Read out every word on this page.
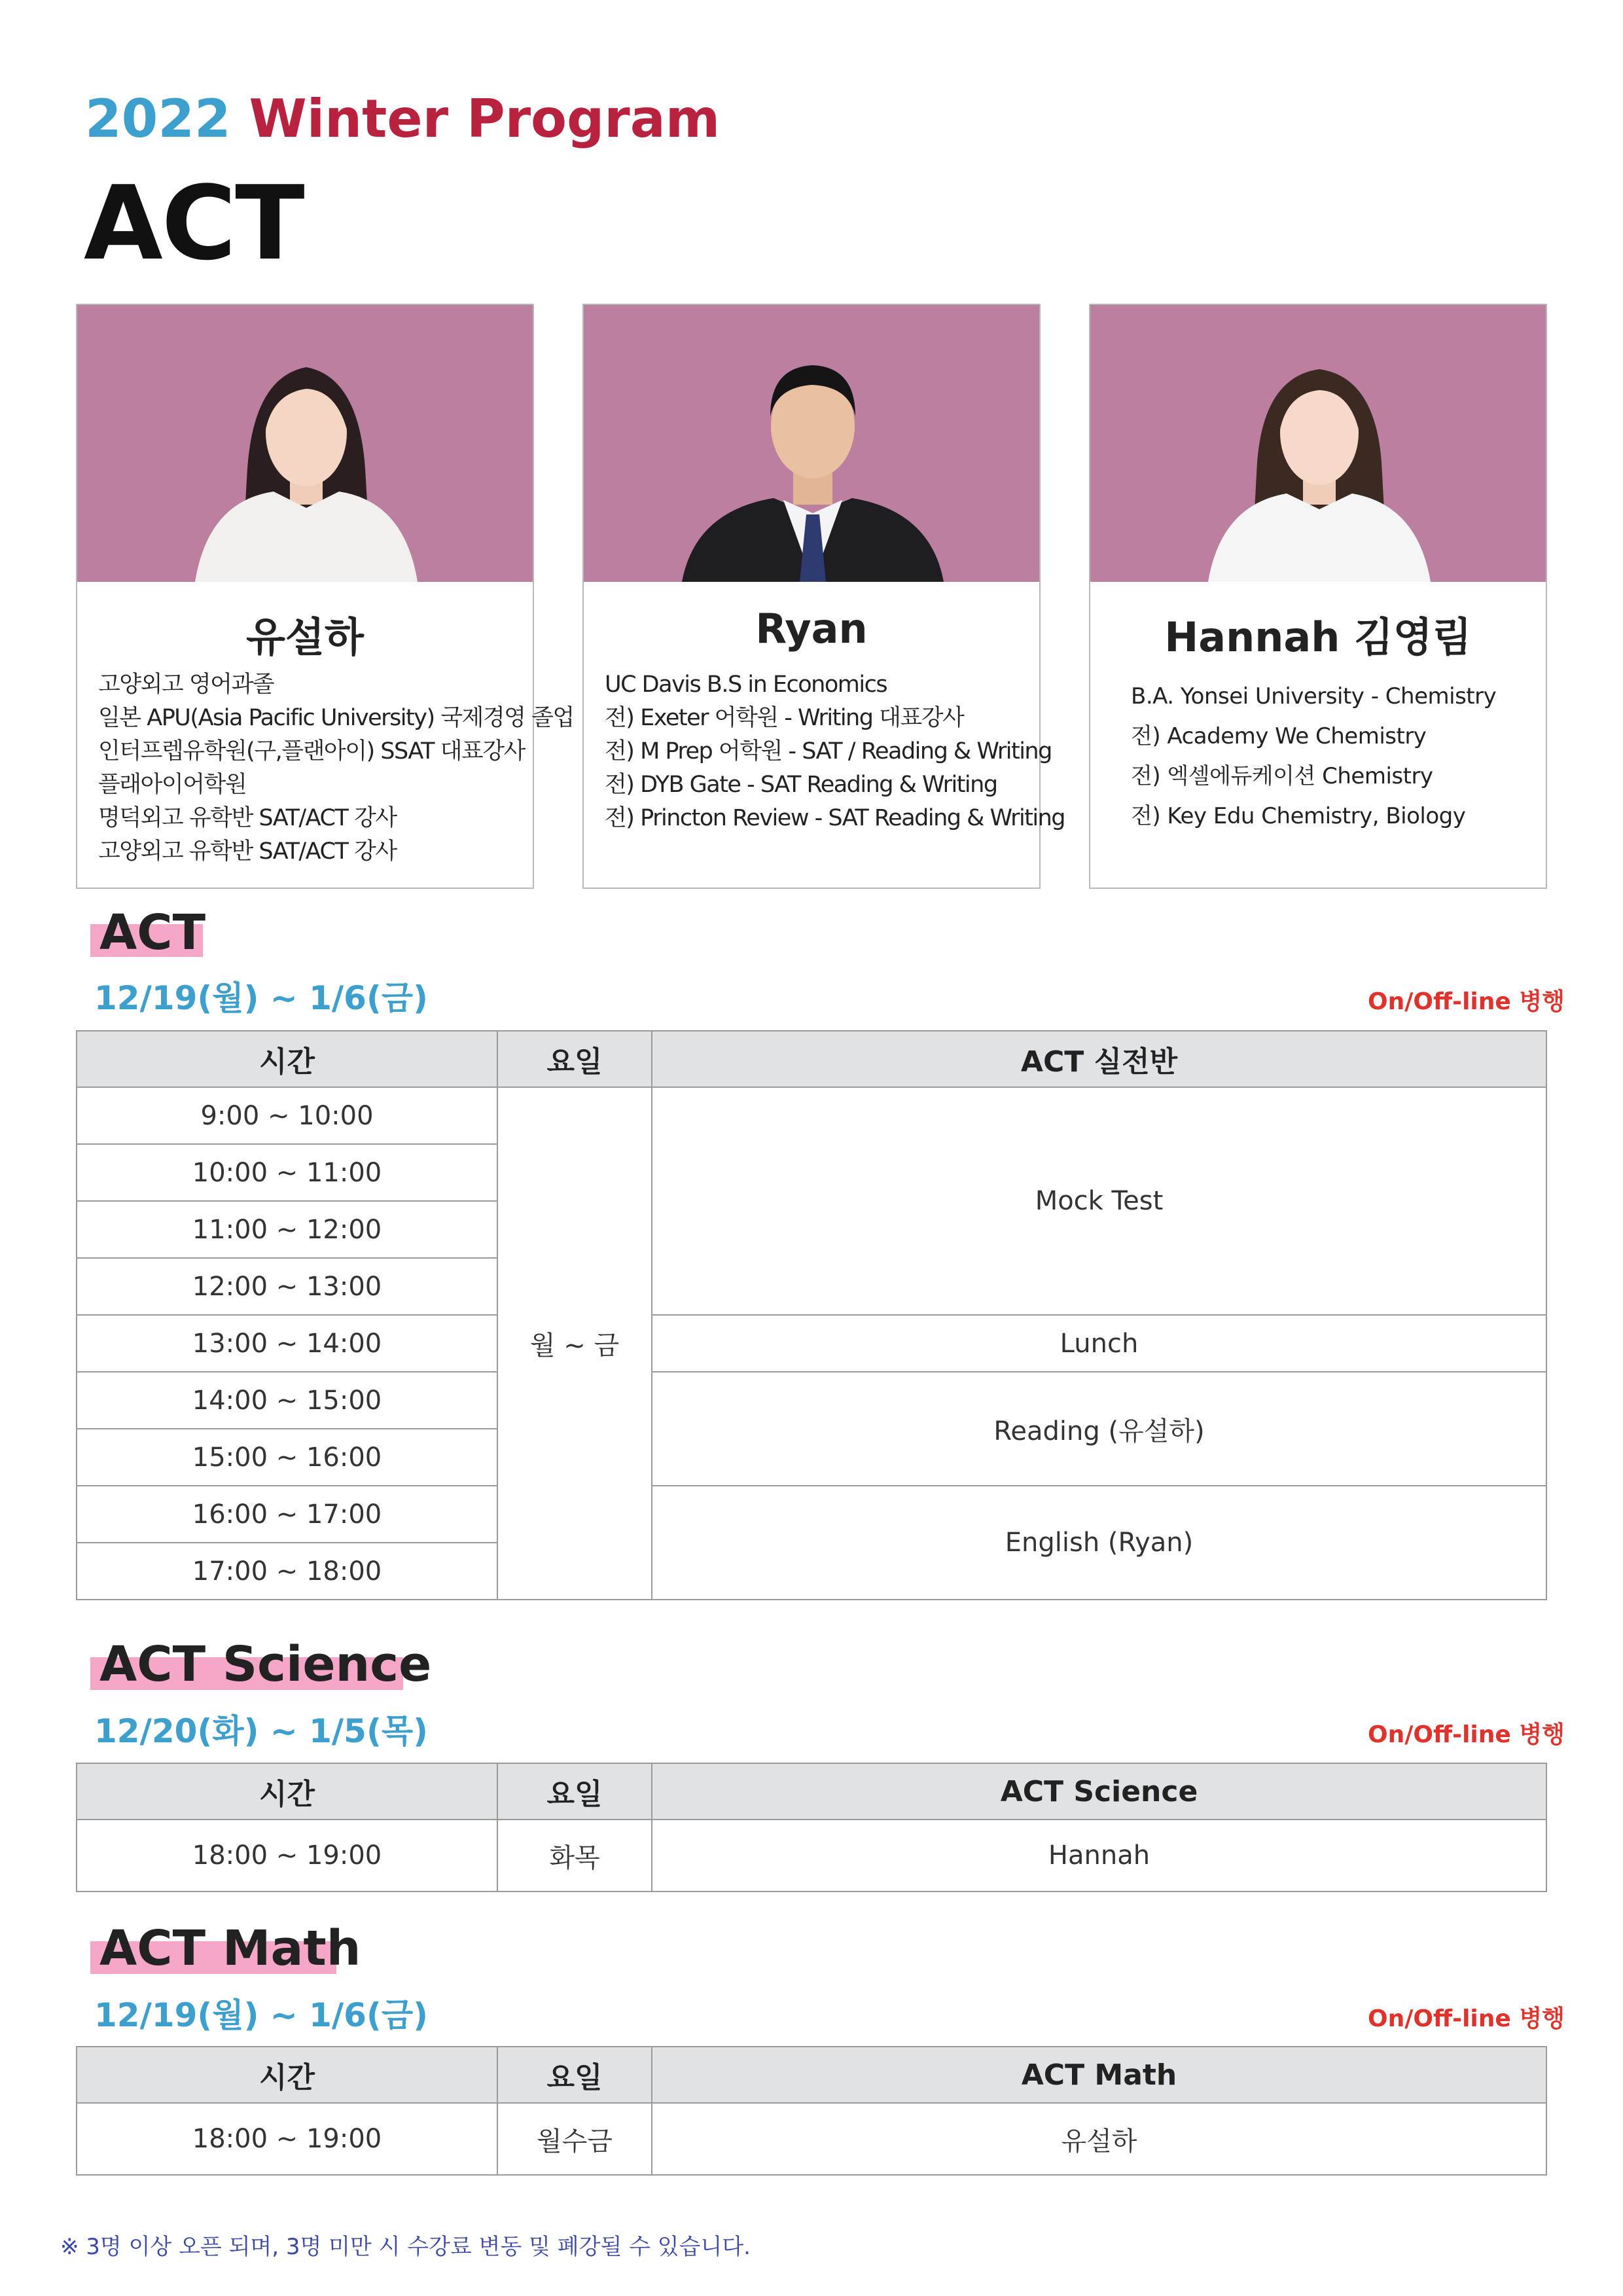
2022 Winter Program
ACT
유설하
고양외고 영어과졸
일본 APU(Asia Pacific University) 국제경영 졸업
인터프렙유학원(구,플랜아이) SSAT 대표강사
플래아이어학원
명덕외고 유학반 SAT/ACT 강사
고양외고 유학반 SAT/ACT 강사
Ryan
UC Davis B.S in Economics
전) Exeter 어학원 - Writing 대표강사
전) M Prep 어학원 - SAT / Reading & Writing
전) DYB Gate - SAT Reading & Writing
전) Princton Review - SAT Reading & Writing
Hannah 김영림
B.A. Yonsei University - Chemistry
전) Academy We Chemistry
전) 엑셀에듀케이션 Chemistry
전) Key Edu Chemistry, Biology
ACT
12/19(월) ~ 1/6(금)	On/Off-line 병행
시간	요일	ACT 실전반
9:00 ~ 10:00	월 ~ 금	Mock Test
10:00 ~ 11:00		
11:00 ~ 12:00		
12:00 ~ 13:00		
13:00 ~ 14:00		Lunch
14:00 ~ 15:00		Reading (유설하)
15:00 ~ 16:00		
16:00 ~ 17:00		English (Ryan)
17:00 ~ 18:00		
ACT Science
12/20(화) ~ 1/5(목)	On/Off-line 병행
시간	요일	ACT Science
18:00 ~ 19:00	화목	Hannah
ACT Math
12/19(월) ~ 1/6(금)	On/Off-line 병행
시간	요일	ACT Math
18:00 ~ 19:00	월수금	유설하
※ 3명 이상 오픈 되며, 3명 미만 시 수강료 변동 및 폐강될 수 있습니다.
